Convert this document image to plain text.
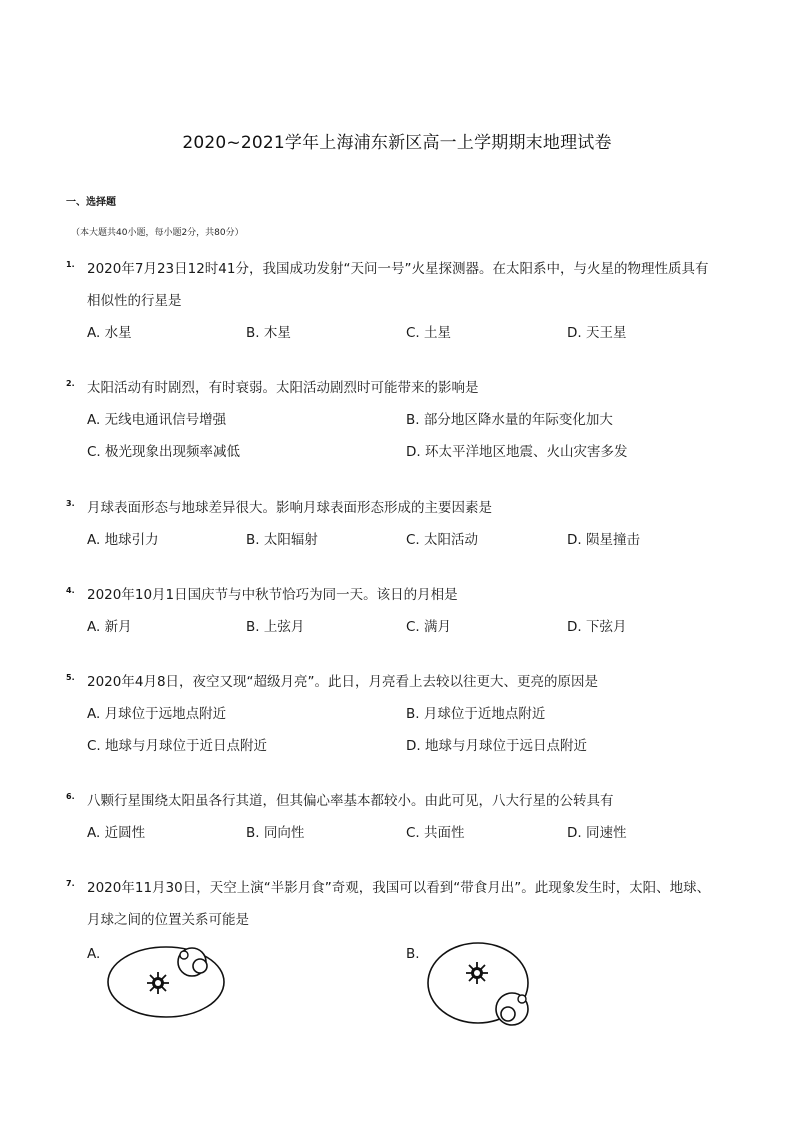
2020~2021学年上海浦东新区高一上学期期末地理试卷
一、选择题
（本大题共40小题，每小题2分，共80分）
1. 2020年7月23日12时41分，我国成功发射“天问一号”火星探测器。在太阳系中，与火星的物理性质具有
相似性的行星是
A. 水星	B. 木星	C. 土星	D. 天王星
2. 太阳活动有时剧烈，有时衰弱。太阳活动剧烈时可能带来的影响是
A. 无线电通讯信号增强	B. 部分地区降水量的年际变化加大
C. 极光现象出现频率减低	D. 环太平洋地区地震、火山灾害多发
3. 月球表面形态与地球差异很大。影响月球表面形态形成的主要因素是
A. 地球引力	B. 太阳辐射	C. 太阳活动	D. 陨星撞击
4. 2020年10月1日国庆节与中秋节恰巧为同一天。该日的月相是
A. 新月	B. 上弦月	C. 满月	D. 下弦月
5. 2020年4月8日，夜空又现“超级月亮”。此日，月亮看上去较以往更大、更亮的原因是
A. 月球位于远地点附近	B. 月球位于近地点附近
C. 地球与月球位于近日点附近	D. 地球与月球位于远日点附近
6. 八颗行星围绕太阳虽各行其道，但其偏心率基本都较小。由此可见，八大行星的公转具有
A. 近圆性	B. 同向性	C. 共面性	D. 同速性
7. 2020年11月30日，天空上演“半影月食”奇观，我国可以看到“带食月出”。此现象发生时，太阳、地球、
月球之间的位置关系可能是
A.	B.
